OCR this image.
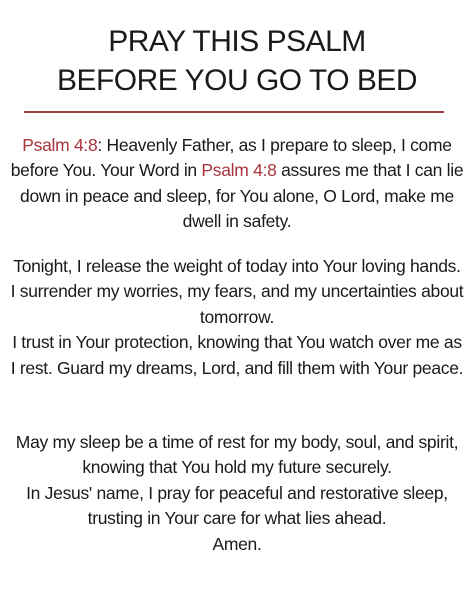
PRAY THIS PSALM
BEFORE YOU GO TO BED

Psalm 4:8: Heavenly Father, as I prepare to sleep, I come before You. Your Word in Psalm 4:8 assures me that I can lie down in peace and sleep, for You alone, O Lord, make me dwell in safety.

Tonight, I release the weight of today into Your loving hands. I surrender my worries, my fears, and my uncertainties about tomorrow.
I trust in Your protection, knowing that You watch over me as I rest. Guard my dreams, Lord, and fill them with Your peace.

May my sleep be a time of rest for my body, soul, and spirit, knowing that You hold my future securely.
In Jesus' name, I pray for peaceful and restorative sleep, trusting in Your care for what lies ahead.
Amen.
